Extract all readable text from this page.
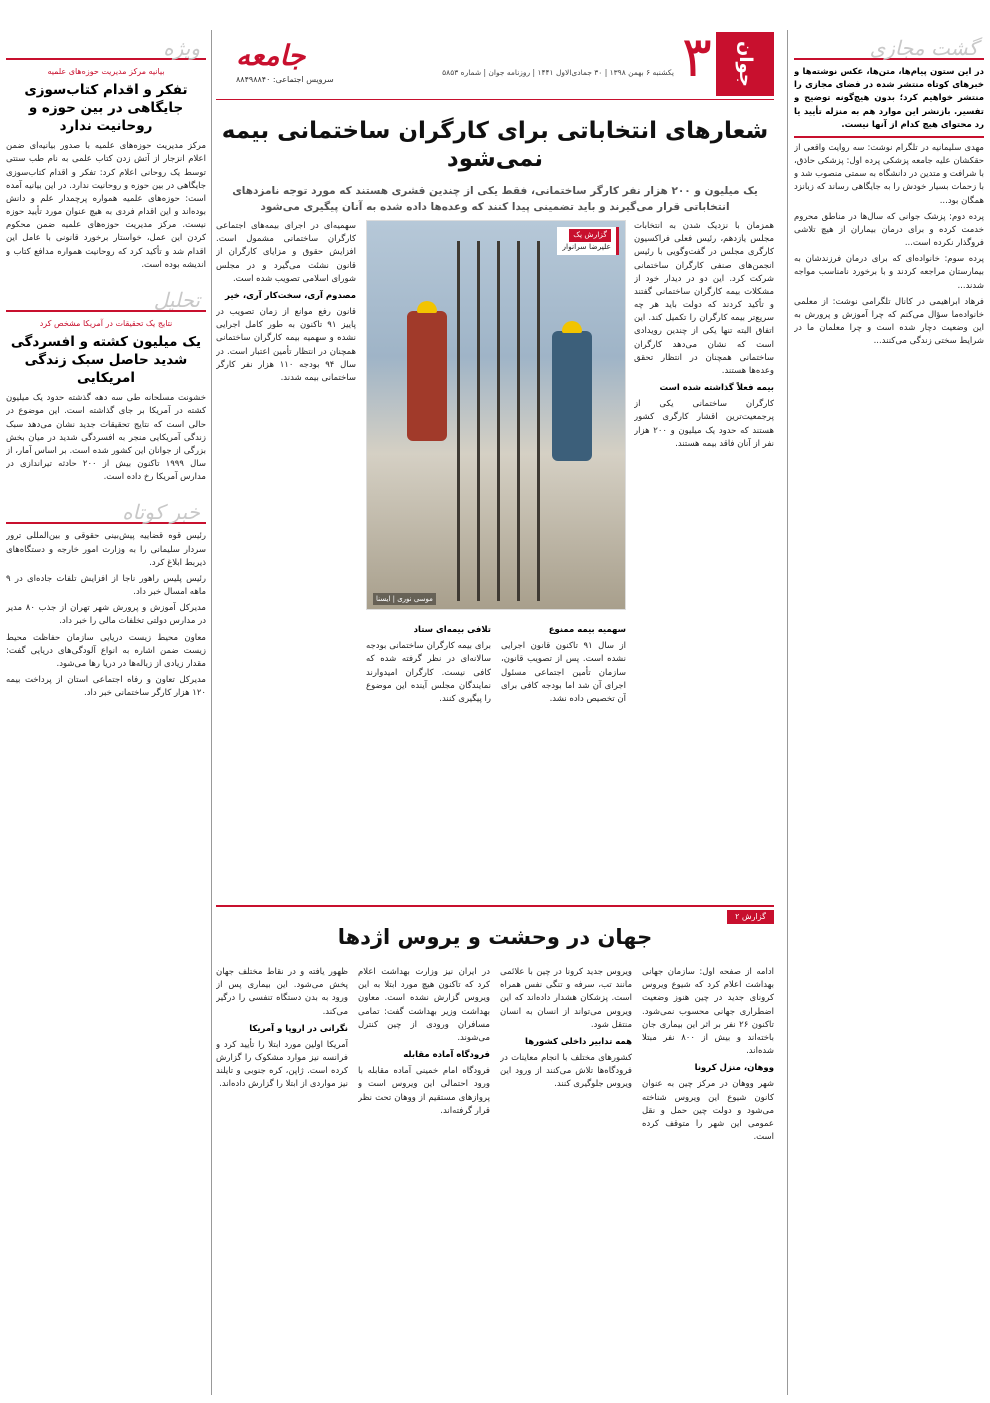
گشت مجازی

در این ستون پیام‌ها، متن‌ها، عکس نوشته‌ها و خبرهای کوتاه منتشر شده در فضای مجازی را منتشر خواهیم کرد؛ بدون هیچ‌گونه توضیح و تفسیر. بازنشر این موارد هم به منزله تأیید یا رد محتوای هیچ کدام از آنها نیست.

مهدی سلیمانیه در تلگرام نوشت: سه روایت واقعی از حقکشان علیه جامعه پزشکی پرده اول: پزشکی حاذق، با شرافت و متدین در دانشگاه به سمتی منصوب شد و با زحمات بسیار خودش را به جایگاهی رساند که زبانزد همگان بود...

پرده دوم: پزشک جوانی که سال‌ها در مناطق محروم خدمت کرده و برای درمان بیماران از هیچ تلاشی فروگذار نکرده است...

پرده سوم: خانواده‌ای که برای درمان فرزندشان به بیمارستان مراجعه کردند و با برخورد نامناسب مواجه شدند...

فرهاد ابراهیمی در کانال تلگرامی نوشت: از معلمی خانواده‌ما سؤال می‌کنم که چرا آموزش و پرورش به این وضعیت دچار شده است و چرا معلمان ما در شرایط سختی زندگی می‌کنند...

ویژه
بیانیه مرکز مدیریت حوزه‌های علمیه
تفکر و اقدام کتاب‌سوزی جایگاهی در بین حوزه و روحانیت ندارد
مرکز مدیریت حوزه‌های علمیه با صدور بیانیه‌ای ضمن اعلام انزجار از آتش زدن کتاب علمی به نام طب سنتی توسط یک روحانی اعلام کرد: تفکر و اقدام کتاب‌سوزی جایگاهی در بین حوزه و روحانیت ندارد. در این بیانیه آمده است: حوزه‌های علمیه همواره پرچمدار علم و دانش بوده‌اند و این اقدام فردی به هیچ عنوان مورد تأیید حوزه نیست. مرکز مدیریت حوزه‌های علمیه ضمن محکوم کردن این عمل، خواستار برخورد قانونی با عامل این اقدام شد و تأکید کرد که روحانیت همواره مدافع کتاب و اندیشه بوده است.
تحلیل
نتایج یک تحقیقات در آمریکا مشخص کرد
یک میلیون کشته و افسردگی شدید حاصل سبک زندگی امریکایی
خشونت مسلحانه طی سه دهه گذشته حدود یک میلیون کشته در آمریکا بر جای گذاشته است. این موضوع در حالی است که نتایج تحقیقات جدید نشان می‌دهد سبک زندگی آمریکایی منجر به افسردگی شدید در میان بخش بزرگی از جوانان این کشور شده است. بر اساس آمار، از سال ۱۹۹۹ تاکنون بیش از ۲۰۰ حادثه تیراندازی در مدارس آمریکا رخ داده است.
خبر کوتاه

رئیس قوه قضاییه پیش‌بینی حقوقی و بین‌المللی ترور سردار سلیمانی را به وزارت امور خارجه و دستگاه‌های ذیربط ابلاغ کرد.

رئیس پلیس راهور ناجا از افزایش تلفات جاده‌ای در ۹ ماهه امسال خبر داد.

مدیرکل آموزش و پرورش شهر تهران از جذب ۸۰ مدیر در مدارس دولتی تخلفات مالی را خبر داد.

معاون محیط زیست دریایی سازمان حفاظت محیط زیست ضمن اشاره به انواع آلودگی‌های دریایی گفت: مقدار زیادی از زباله‌ها در دریا رها می‌شود.

مدیرکل تعاون و رفاه اجتماعی استان از پرداخت بیمه ۱۲۰ هزار کارگر ساختمانی خبر داد.

جوان
۳
یکشنبه ۶ بهمن ۱۳۹۸ | ۳۰ جمادی‌الاول ۱۴۴۱ | روزنامه جوان | شماره ۵۸۵۳
جامعه
سرویس اجتماعی: ۸۸۴۹۸۸۴۰
شعارهای انتخاباتی برای کارگران ساختمانی بیمه نمی‌شود
یک میلیون و ۲۰۰ هزار نفر کارگر ساختمانی، فقط یکی از چندین قشری هستند که مورد توجه نامزدهای انتخاباتی قرار می‌گیرند و باید تضمینی پیدا کنند که وعده‌ها داده شده به آنان پیگیری می‌شود

همزمان با نزدیک شدن به انتخابات مجلس یازدهم، رئیس فعلی فراکسیون کارگری مجلس در گفت‌وگویی با رئیس انجمن‌های صنفی کارگران ساختمانی شرکت کرد. این دو در دیدار خود از مشکلات بیمه کارگران ساختمانی گفتند و تأکید کردند که دولت باید هر چه سریع‌تر بیمه کارگران را تکمیل کند. این اتفاق البته تنها یکی از چندین رویدادی است که نشان می‌دهد کارگران ساختمانی همچنان در انتظار تحقق وعده‌ها هستند.

بیمه فعلاً گذاشته شده است

کارگران ساختمانی یکی از پرجمعیت‌ترین اقشار کارگری کشور هستند که حدود یک میلیون و ۲۰۰ هزار نفر از آنان فاقد بیمه هستند.

گزارش یک
علیرضا سرانوار
موسی نوری | ایسنا

سهمیه‌ای در اجرای بیمه‌های اجتماعی کارگران ساختمانی مشمول است. افزایش حقوق و مزایای کارگران از قانون نشئت می‌گیرد و در مجلس شورای اسلامی تصویب شده است.

مصدوم آری، سخت‌کار آری، خیر

قانون رفع موانع از زمان تصویب در پاییز ۹۱ تاکنون به طور کامل اجرایی نشده و سهمیه بیمه کارگران ساختمانی همچنان در انتظار تأمین اعتبار است. در سال ۹۴ بودجه ۱۱۰ هزار نفر کارگر ساختمانی بیمه شدند.

تلافی بیمه‌ای ستاد

برای بیمه کارگران ساختمانی بودجه سالانه‌ای در نظر گرفته شده که کافی نیست. کارگران امیدوارند نمایندگان مجلس آینده این موضوع را پیگیری کنند.

سهمیه بیمه ممنوع

از سال ۹۱ تاکنون قانون اجرایی نشده است. پس از تصویب قانون، سازمان تأمین اجتماعی مسئول اجرای آن شد اما بودجه کافی برای آن تخصیص داده نشد.

گزارش ۲
جهان در وحشت و یروس اژدها

ادامه از صفحه اول: سازمان جهانی بهداشت اعلام کرد که شیوع ویروس کرونای جدید در چین هنوز وضعیت اضطراری جهانی محسوب نمی‌شود. تاکنون ۲۶ نفر بر اثر این بیماری جان باخته‌اند و بیش از ۸۰۰ نفر مبتلا شده‌اند.

ووهان، منزل کرونا

شهر ووهان در مرکز چین به عنوان کانون شیوع این ویروس شناخته می‌شود و دولت چین حمل و نقل عمومی این شهر را متوقف کرده است.

ویروس جدید کرونا در چین با علائمی مانند تب، سرفه و تنگی نفس همراه است. پزشکان هشدار داده‌اند که این ویروس می‌تواند از انسان به انسان منتقل شود.

همه تدابیر داخلی کشورها

کشورهای مختلف با انجام معاینات در فرودگاه‌ها تلاش می‌کنند از ورود این ویروس جلوگیری کنند.

در ایران نیز وزارت بهداشت اعلام کرد که تاکنون هیچ مورد ابتلا به این ویروس گزارش نشده است. معاون بهداشت وزیر بهداشت گفت: تمامی مسافران ورودی از چین کنترل می‌شوند.

فرودگاه آماده مقابله

فرودگاه امام خمینی آماده مقابله با ورود احتمالی این ویروس است و پروازهای مستقیم از ووهان تحت نظر قرار گرفته‌اند.

ظهور یافته و در نقاط مختلف جهان پخش می‌شود. این بیماری پس از ورود به بدن دستگاه تنفسی را درگیر می‌کند.

نگرانی در اروپا و آمریکا

آمریکا اولین مورد ابتلا را تأیید کرد و فرانسه نیز موارد مشکوک را گزارش کرده است. ژاپن، کره جنوبی و تایلند نیز مواردی از ابتلا را گزارش داده‌اند.
